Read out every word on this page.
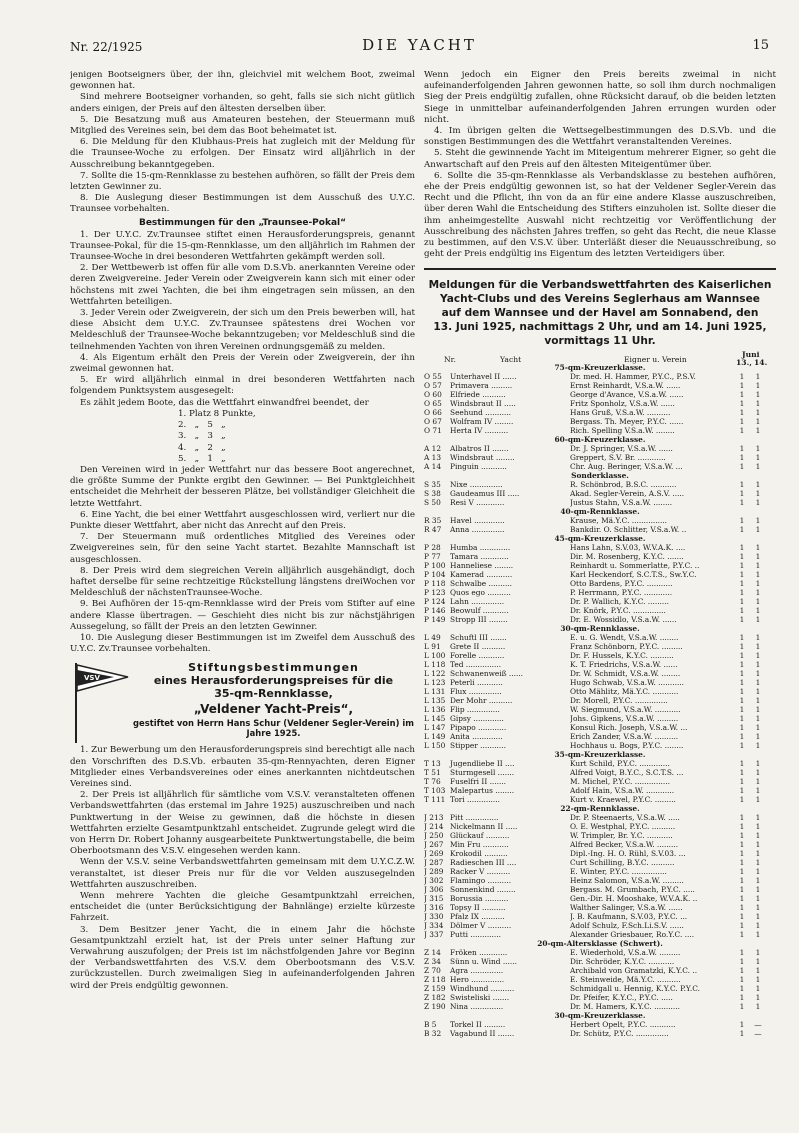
Nr. 22/1925	DIE YACHT	15

jenigen Bootseigners über, der ihn, gleichviel mit welchem Boot, zweimal gewonnen hat.

Sind mehrere Bootseigner vorhanden, so geht, falls sie sich nicht gütlich anders einigen, der Preis auf den ältesten derselben über.

5. Die Besatzung muß aus Amateuren bestehen, der Steuermann muß Mitglied des Vereines sein, bei dem das Boot beheimatet ist.

6. Die Meldung für den Klubhaus-Preis hat zugleich mit der Meldung für die Traunsee-Woche zu erfolgen. Der Einsatz wird alljährlich in der Ausschreibung bekanntgegeben.

7. Sollte die 15-qm-Rennklasse zu bestehen aufhören, so fällt der Preis dem letzten Gewinner zu.

8. Die Auslegung dieser Bestimmungen ist dem Ausschuß des U.Y.C. Traunsee vorbehalten.

Bestimmungen für den „Traunsee-Pokal“

1. Der U.Y.C. Zv.Traunsee stiftet einen Herausforderungspreis, genannt Traunsee-Pokal, für die 15-qm-Rennklasse, um den alljährlich im Rahmen der Traunsee-Woche in drei besonderen Wettfahrten gekämpft werden soll.

2. Der Wettbewerb ist offen für alle vom D.S.Vb. anerkannten Vereine oder deren Zweigvereine. Jeder Verein oder Zweigverein kann sich mit einer oder höchstens mit zwei Yachten, die bei ihm eingetragen sein müssen, an den Wettfahrten beteiligen.

3. Jeder Verein oder Zweigverein, der sich um den Preis bewerben will, hat diese Absicht dem U.Y.C. Zv.Traunsee spätestens drei Wochen vor Meldeschluß der Traunsee-Woche bekanntzugeben; vor Meldeschluß sind die teilnehmenden Yachten von ihren Vereinen ordnungsgemäß zu melden.

4. Als Eigentum erhält den Preis der Verein oder Zweigverein, der ihn zweimal gewonnen hat.

5. Er wird alljährlich einmal in drei besonderen Wettfahrten nach folgendem Punktsystem ausgesegelt:

Es zählt jedem Boote, das die Wettfahrt einwandfrei beendet, der

1. Platz 8 Punkte,
2.   „   5   „
3.   „   3   „
4.   „   2   „
5.   „   1   „

Den Vereinen wird in jeder Wettfahrt nur das bessere Boot angerechnet, die größte Summe der Punkte ergibt den Gewinner. — Bei Punktgleichheit entscheidet die Mehrheit der besseren Plätze, bei vollständiger Gleichheit die letzte Wettfahrt.

6. Eine Yacht, die bei einer Wettfahrt ausgeschlossen wird, verliert nur die Punkte dieser Wettfahrt, aber nicht das Anrecht auf den Preis.

7. Der Steuermann muß ordentliches Mitglied des Vereines oder Zweigvereines sein, für den seine Yacht startet. Bezahlte Mannschaft ist ausgeschlossen.

8. Der Preis wird dem siegreichen Verein alljährlich ausgehändigt, doch haftet derselbe für seine rechtzeitige Rückstellung längstens dreiWochen vor Meldeschluß der nächstenTraunsee-Woche.

9. Bei Aufhören der 15-qm-Rennklasse wird der Preis vom Stifter auf eine andere Klasse übertragen. — Geschieht dies nicht bis zur nächstjährigen Aussegelung, so fällt der Preis an den letzten Gewinner.

10. Die Auslegung dieser Bestimmungen ist im Zweifel dem Ausschuß des U.Y.C. Zv.Traunsee vorbehalten.

VSV
Stiftungsbestimmungen
eines Herausforderungspreises für die
35-qm-Rennklasse,
„Veldener Yacht-Preis“,
gestiftet von Herrn Hans Schur (Veldener Segler-Verein) im Jahre 1925.

1. Zur Bewerbung um den Herausforderungspreis sind berechtigt alle nach den Vorschriften des D.S.Vb. erbauten 35-qm-Rennyachten, deren Eigner Mitglieder eines Verbandsvereines oder eines anerkannten nichtdeutschen Vereines sind.

2. Der Preis ist alljährlich für sämtliche vom V.S.V. veranstalteten offenen Verbandswettfahrten (das erstemal im Jahre 1925) auszuschreiben und nach Punktwertung in der Weise zu gewinnen, daß die höchste in diesen Wettfahrten erzielte Gesamtpunktzahl entscheidet. Zugrunde gelegt wird die von Herrn Dr. Robert Johanny ausgearbeitete Punktwertungstabelle, die beim Oberbootsmann des V.S.V. eingesehen werden kann.

Wenn der V.S.V. seine Verbandswettfahrten gemeinsam mit dem U.Y.C.Z.W. veranstaltet, ist dieser Preis nur für die vor Velden auszusegelnden Wettfahrten auszuschreiben.

Wenn mehrere Yachten die gleiche Gesamtpunktzahl erreichen, entscheidet die (unter Berücksichtigung der Bahnlänge) erzielte kürzeste Fahrzeit.

3. Dem Besitzer jener Yacht, die in einem Jahr die höchste Gesamtpunktzahl erzielt hat, ist der Preis unter seiner Haftung zur Verwahrung auszufolgen; der Preis ist im nächstfolgenden Jahre vor Beginn der Verbandswettfahrten des V.S.V. dem Oberbootsmann des V.S.V. zurückzustellen. Durch zweimaligen Sieg in aufeinanderfolgenden Jahren wird der Preis endgültig gewonnen.

Wenn jedoch ein Eigner den Preis bereits zweimal in nicht aufeinanderfolgenden Jahren gewonnen hatte, so soll ihm durch nochmaligen Sieg der Preis endgültig zufallen, ohne Rücksicht darauf, ob die beiden letzten Siege in unmittelbar aufeinanderfolgenden Jahren errungen wurden oder nicht.

4. Im übrigen gelten die Wettsegelbestimmungen des D.S.Vb. und die sonstigen Bestimmungen des die Wettfahrt veranstaltenden Vereines.

5. Steht die gewinnende Yacht im Miteigentum mehrerer Eigner, so geht die Anwartschaft auf den Preis auf den ältesten Miteigentümer über.

6. Sollte die 35-qm-Rennklasse als Verbandsklasse zu bestehen aufhören, ehe der Preis endgültig gewonnen ist, so hat der Veldener Segler-Verein das Recht und die Pflicht, ihn von da an für eine andere Klasse auszuschreiben, über deren Wahl die Entscheidung des Stifters einzuholen ist. Sollte dieser die ihm anheimgestellte Auswahl nicht rechtzeitig vor Veröffentlichung der Ausschreibung des nächsten Jahres treffen, so geht das Recht, die neue Klasse zu bestimmen, auf den V.S.V. über. Unterläßt dieser die Neuausschreibung, so geht der Preis endgültig ins Eigentum des letzten Verteidigers über.

Meldungen für die Verbandswettfahrten des Kaiserlichen
Yacht-Clubs und des Vereins Seglerhaus am Wannsee
auf dem Wannsee und der Havel am Sonnabend, den
13. Juni 1925, nachmittags 2 Uhr, und am 14. Juni 1925,
vormittags 11 Uhr.
Nr.	Yacht	Eigner u. Verein
Juni
13., 14.
75-qm-Kreuzerklasse.
O 55	Unterhavel II ......	Dr. med. H. Hammer, P.Y.C., P.S.V.	1	1
O 57	Primavera .........	Ernst Reinhardt, V.S.a.W. ......	1	1
O 60	Elfriede ..........	George d'Avance, V.S.a.W. ......	1	1
O 65	Windsbraut II .....	Fritz Sponholz, V.S.a.W. ......	1	1
O 66	Seehund ...........	Hans Gruß, V.S.a.W. ..........	1	1
O 67	Wolfram IV ........	Bergass. Th. Meyer, P.Y.C. ......	1	1
O 71	Herta IV ..........	Rich. Spelling V.S.a.W. ........	1	1
60-qm-Kreuzerklasse.
A 12	Albatros II .......	Dr. J. Springer, V.S.a.W. ......	1	1
A 13	Windsbraut ........	Greppert, S.V. Br. ............	1	1
A 14	Pinguin ...........	Chr. Aug. Beringer, V.S.a.W. ...	1	1
Sonderklasse.
S 35	Nixe ..............	R. Schönbrod, B.S.C. ...........	1	1
S 38	Gaudeamus III .....	Akad. Segler-Verein, A.S.V. .....	1	1
S 50	Resi V ............	Justus Stahn, V.S.a.W. ........	1	1
40-qm-Rennklasse.
R 35	Havel .............	Krause, Mä.Y.C. ...............	1	1
R 47	Anna ..............	Bankdir. O. Schlitter, V.S.a.W. ..	1	1
45-qm-Kreuzerklasse.
P 28	Humba .............	Hans Lahn, S.V.03, W.V.A.K. ....	1	1
P 77	Tamara ............	Dir. M. Rosenberg, K.Y.C. .......	1	1
P 100 Hanneliese ........	Reinhardt u. Sommerlatte, P.Y.C. ..	1	1
P 104 Kamerad ...........	Karl Heckendorf, S.C.T.S., Sw.Y.C.	1	1
P 118 Schwalbe ..........	Otto Bardens, P.Y.C. ...........	1	1
P 123 Quos ego ..........	P. Herrmann, P.Y.C. ............	1	1
P 124 Lahn ..............	Dr. P. Wallich, K.Y.C. .........	1	1
P 146 Beowulf ...........	Dr. Knörk, P.Y.C. ..............	1	1
P 149 Stropp III ........	Dr. E. Wossidlo, V.S.a.W. ......	1	1
30-qm-Rennklasse.
L 49	Schuftl III .......	E. u. G. Wendt, V.S.a.W. ........	1	1
L 91	Grete II ..........	Franz Schönborn, P.Y.C. .........	1	1
L 100 Forelle ...........	Dr. F. Hussels, K.Y.C. ..........	1	1
L 118 Ted ...............	K. T. Friedrichs, V.S.a.W. ......	1	1
L 122 Schwanenweiß ......	Dr. W. Schmidt, V.S.a.W. ........	1	1
L 123 Peterli ...........	Hugo Schwab, V.S.a.W. ...........	1	1
L 131 Flux ..............	Otto Mählitz, Mä.Y.C. ...........	1	1
L 135 Der Mohr ..........	Dr. Morell, P.Y.C. ..............	1	1
L 136 Flip ..............	W. Siegmund, V.S.a.W. ...........	1	1
L 145 Gipsy .............	Johs. Gipkens, V.S.a.W. .........	1	1
L 147 Pipapo ............	Konsul Rich. Joseph, V.S.a.W. ...	1	1
L 149 Anita .............	Erich Zander, V.S.a.W. ..........	1	1
L 150 Stipper ...........	Hochhaus u. Bogs, P.Y.C. ........	1	1
35-qm-Kreuzerklasse.
T 13	Jugendliebe II ....	Kurt Schild, P.Y.C. .............	1	1
T 51	Sturmgesell .......	Alfred Voigt, B.Y.C., S.C.T.S. ...	1	1
T 76	Fuselfri II .......	M. Michel, P.Y.C. ...............	1	1
T 103 Malepartus ........	Adolf Hain, V.S.a.W. ............	1	1
T 111 Tori ..............	Kurt v. Kraewel, P.Y.C. .........	1	1
22-qm-Rennklasse.
J 213 Pitt ..............	Dr. P. Steenaerts, V.S.a.W. .....	1	1
J 214 Nickelmann II .....	O. E. Westphal, P.Y.C. ..........	1	1
J 250 Glückauf ..........	W. Trimpler, Br. Y.C. ...........	1	1
J 267 Min Fru ...........	Alfred Becker, V.S.a.W. .........	1	1
J 269 Krokodil ..........	Dipl.-Ing. H. O. Rühl, S.V.03. ...	1	1
J 287 Radieschen III ....	Curt Schilling, B.Y.C. ..........	1	1
J 289 Racker V ..........	E. Winter, P.Y.C. ...............	1	1
J 302 Flamingo ..........	Heinz Salomon, V.S.a.W. .........	1	1
J 306 Sonnenkind ........	Bergass. M. Grumbach, P.Y.C. .....	1	1
J 315 Borussia ..........	Gen.-Dir. H. Mooshake, W.V.A.K. ..	1	1
J 316 Topsy II ..........	Walther Salinger, V.S.a.W. ......	1	1
J 330 Pfalz IX ..........	J. B. Kaufmann, S.V.03, P.Y.C. ...	1	1
J 334 Dölmer V ..........	Adolf Schulz, F.Sch.Li.S.V. ......	1	1
J 337 Putti .............	Alexander Griesbauer, Ro.Y.C. ....	1	1
20-qm-Altersklasse (Schwert).
Z 14	Fröken ............	E. Wiederhold, V.S.a.W. .........	1	1
Z 34	Sünn u. Wind ......	Dir. Schröder, K.Y.C. ...........	1	1
Z 70	Agra ..............	Archibald von Gramatzki, K.Y.C. ..	1	1
Z 118 Hero ..............	E. Steinweide, Mä.Y.C. ..........	1	1
Z 159 Windhund ..........	Schmidgall u. Hennig, K.Y.C. P.Y.C.	1	1
Z 182 Swisteliski .......	Dr. Pfeifer, K.Y.C., P.Y.C. .....	1	1
Z 190 Nina ..............	Dr. M. Hamers, K.Y.C. ...........	1	1
30-qm-Kreuzerklasse.
B 5	Torkel II .........	Herbert Opelt, P.Y.C. ...........	1	—
B 32	Vagabund II .......	Dr. Schütz, P.Y.C. ..............	1	—
